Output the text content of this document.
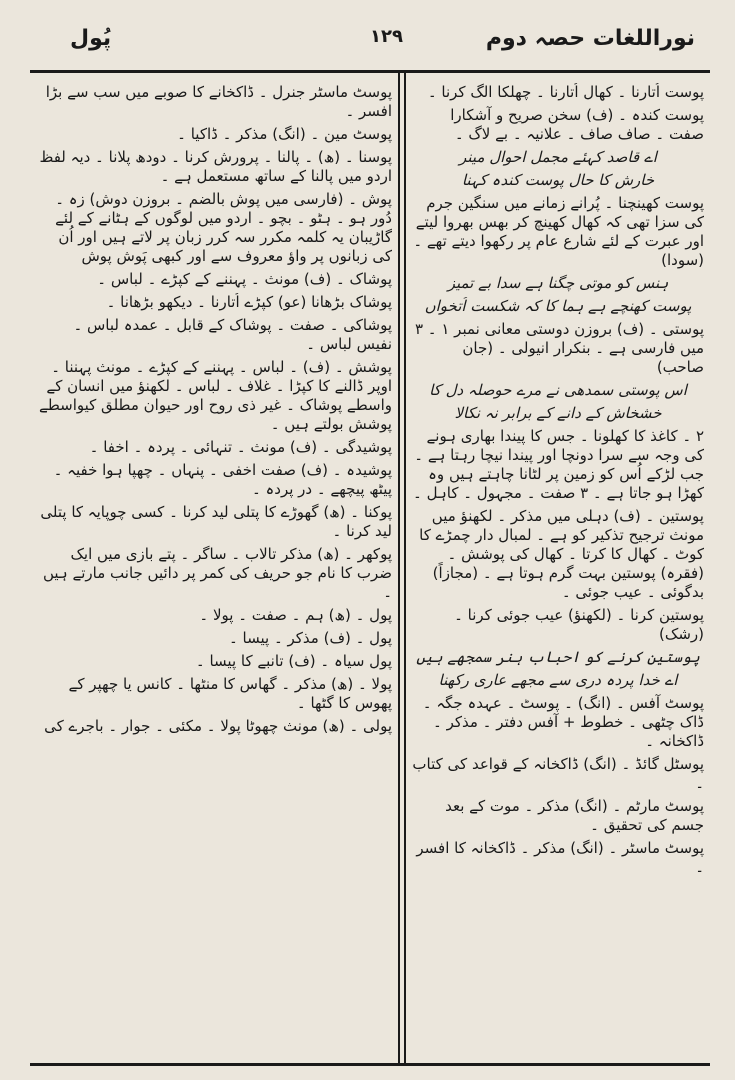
پُول	۱۲۹	نوراللغات حصہ دوم
پوسٹ ماسٹر جنرل ۔ ڈاکخانے کا صوبے میں سب سے بڑا افسر ۔
پوسٹ مین ۔ (انگ) مذکر ۔ ڈاکیا ۔
پوسنا ۔ (ھ) ۔ پالنا ۔ پرورش کرنا ۔ دودھ پلانا ۔ دیہ لفظ اردو میں پالنا کے ساتھ مستعمل ہے ۔
پوش ۔ (فارسی میں پوش بالضم ۔ بروزن دوش) زہ ۔ دُور ہو ۔ ہٹو ۔ بچو ۔ اردو میں لوگوں کے ہٹانے کے لئے گاڑیبان یہ کلمہ مکرر سہ کرر زبان پر لاتے ہیں اور اُن کی زبانوں پر واؤ معروف سے اور کبھی پَوش پوش
پوشاک ۔ (ف) مونث ۔ پہننے کے کپڑے ۔ لباس ۔
پوشاک بڑھانا (عو) کپڑے اُتارنا ۔ دیکھو بڑھانا ۔
پوشاکی ۔ صفت ۔ پوشاک کے قابل ۔ عمدہ لباس ۔ نفیس لباس ۔
پوشش ۔ (ف) ۔ لباس ۔ پہننے کے کپڑے ۔ مونث پہننا ۔ اوپر ڈالنے کا کپڑا ۔ غلاف ۔ لباس ۔ لکھنؤ میں انسان کے واسطے پوشاک ۔ غیر ذی روح اور حیوان مطلق کیواسطے پوشش بولتے ہیں ۔
پوشیدگی ۔ (ف) مونث ۔ تنہائی ۔ پردہ ۔ اخفا ۔
پوشیدہ ۔ (ف) صفت اخفی ۔ پنہاں ۔ چھپا ہوا خفیہ ۔ پیٹھ پیچھے ۔ در پردہ ۔
پوکنا ۔ (ھ) گھوڑے کا پتلی لید کرنا ۔ کسی چوپایہ کا پتلی لید کرنا ۔
پوکھر ۔ (ھ) مذکر تالاب ۔ ساگر ۔ پتے بازی میں ایک ضرب کا نام جو حریف کی کمر پر دائیں جانب مارتے ہیں ۔
پول ۔ (ھ) ہم ۔ صفت ۔ پولا ۔
پول ۔ (ف) مذکر ۔ پیسا ۔
پول سیاہ ۔ (ف) تانبے کا پیسا ۔
پولا ۔ (ھ) مذکر ۔ گھاس کا منٹھا ۔ کانس یا چھپر کے پھوس کا گٹھا ۔
پولی ۔ (ھ) مونث چھوٹا پولا ۔ مکئی ۔ جوار ۔ باجرے کی
پوست اُتارنا ۔ کھال اُتارنا ۔ چھلکا الگ کرنا ۔
پوست کندہ ۔ (ف) سخن صریح و آشکارا صفت ۔ صاف صاف ۔ علانیہ ۔ بے لاگ ۔
اے قاصد کہئے مجمل احوال مینر
خارش کا حال پوست کندہ کہنا
پوست کھینچنا ۔ پُرانے زمانے میں سنگین جرم کی سزا تھی کہ کھال کھینچ کر بھس بھروا لیتے اور عبرت کے لئے شارع عام پر رکھوا دیتے تھے ۔ (سودا)
ہنس کو موتی چگنا ہے سدا بے تمیز
پوست کھنچے ہے ہما کا کہ شکست اُتخواں
پوستی ۔ (ف) بروزن دوستی معانی نمبر ۱ ۔ ۳ میں فارسی ہے ۔ بنکرار انیولی ۔ (جان صاحب)
اس پوستی سمدھی نے مرے حوصلہ دل کا
خشخاش کے دانے کے برابر نہ نکالا
۲ ۔ کاغذ کا کھلونا ۔ جس کا پیندا بھاری ہونے کی وجہ سے سرا دونچا اور پیندا نیچا رہتا ہے ۔ جب لڑکے اُس کو زمین پر لٹانا چاہتے ہیں وہ کھڑا ہو جاتا ہے ۔ ۳ صفت ۔ مجہول ۔ کاہل ۔
پوستین ۔ (ف) دہلی میں مذکر ۔ لکھنؤ میں مونث ترجیح تذکیر کو ہے ۔ لمبال دار چمڑے کا کوٹ ۔ کھال کا کرتا ۔ کھال کی پوشش ۔ (فقرہ) پوستین بہت گرم ہوتا ہے ۔ (مجازاً) بدگوئی ۔ عیب جوئی ۔
پوستین کرنا ۔ (لکھنؤ) عیب جوئی کرنا ۔ (رشک)
پوستین کرنے کو احباب ہنر سمجھے ہیں
اے خدا پردہ دری سے مجھے عاری رکھنا
پوسٹ آفس ۔ (انگ) ۔ پوسٹ ۔ عہدہ جگہ ۔ ڈاک چٹھی ۔ خطوط + آفس دفتر ۔ مذکر ۔ ڈاکخانہ ۔
پوسٹل گائڈ ۔ (انگ) ڈاکخانہ کے قواعد کی کتاب ۔
پوسٹ مارٹم ۔ (انگ) مذکر ۔ موت کے بعد جسم کی تحقیق ۔
پوسٹ ماسٹر ۔ (انگ) مذکر ۔ ڈاکخانہ کا افسر ۔
